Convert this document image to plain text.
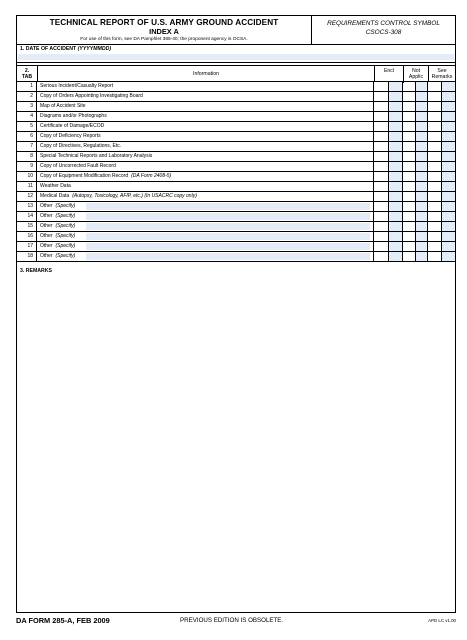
TECHNICAL REPORT OF U.S. ARMY GROUND ACCIDENT
INDEX A
For use of this form, see DA Pamphlet 385-40; the proponent agency is OCSA.
REQUIREMENTS CONTROL SYMBOL
CSOCS-308
1. DATE OF ACCIDENT (YYYYMMDD)
2.
TAB	Information	Encl	Not
Applic
See
Remarks
1	Serious Incident/Casualty Report
2	Copy of Orders Appointing Investigating Board
3	Map of Accident Site
4	Diagrams and/or Photographs
5	Certificate of Damage/ECOD
6	Copy of Deficiency Reports
7	Copy of Directives, Regulations, Etc.
8	Special Technical Reports and Laboratory Analysis
9	Copy of Uncorrected Fault Record
10	Copy of Equipment Modification Record (DA Form 2408-5)
11	Weather Data
12	Medical Data (Autopsy, Toxicology, AFIP, etc.) (In USACRC copy only)
13	Other (Specify)
14	Other (Specify)
15	Other (Specify)
16	Other (Specify)
17	Other (Specify)
18	Other (Specify)
3. REMARKS
DA FORM 285-A, FEB 2009	PREVIOUS EDITION IS OBSOLETE.	APD LC v1.00
